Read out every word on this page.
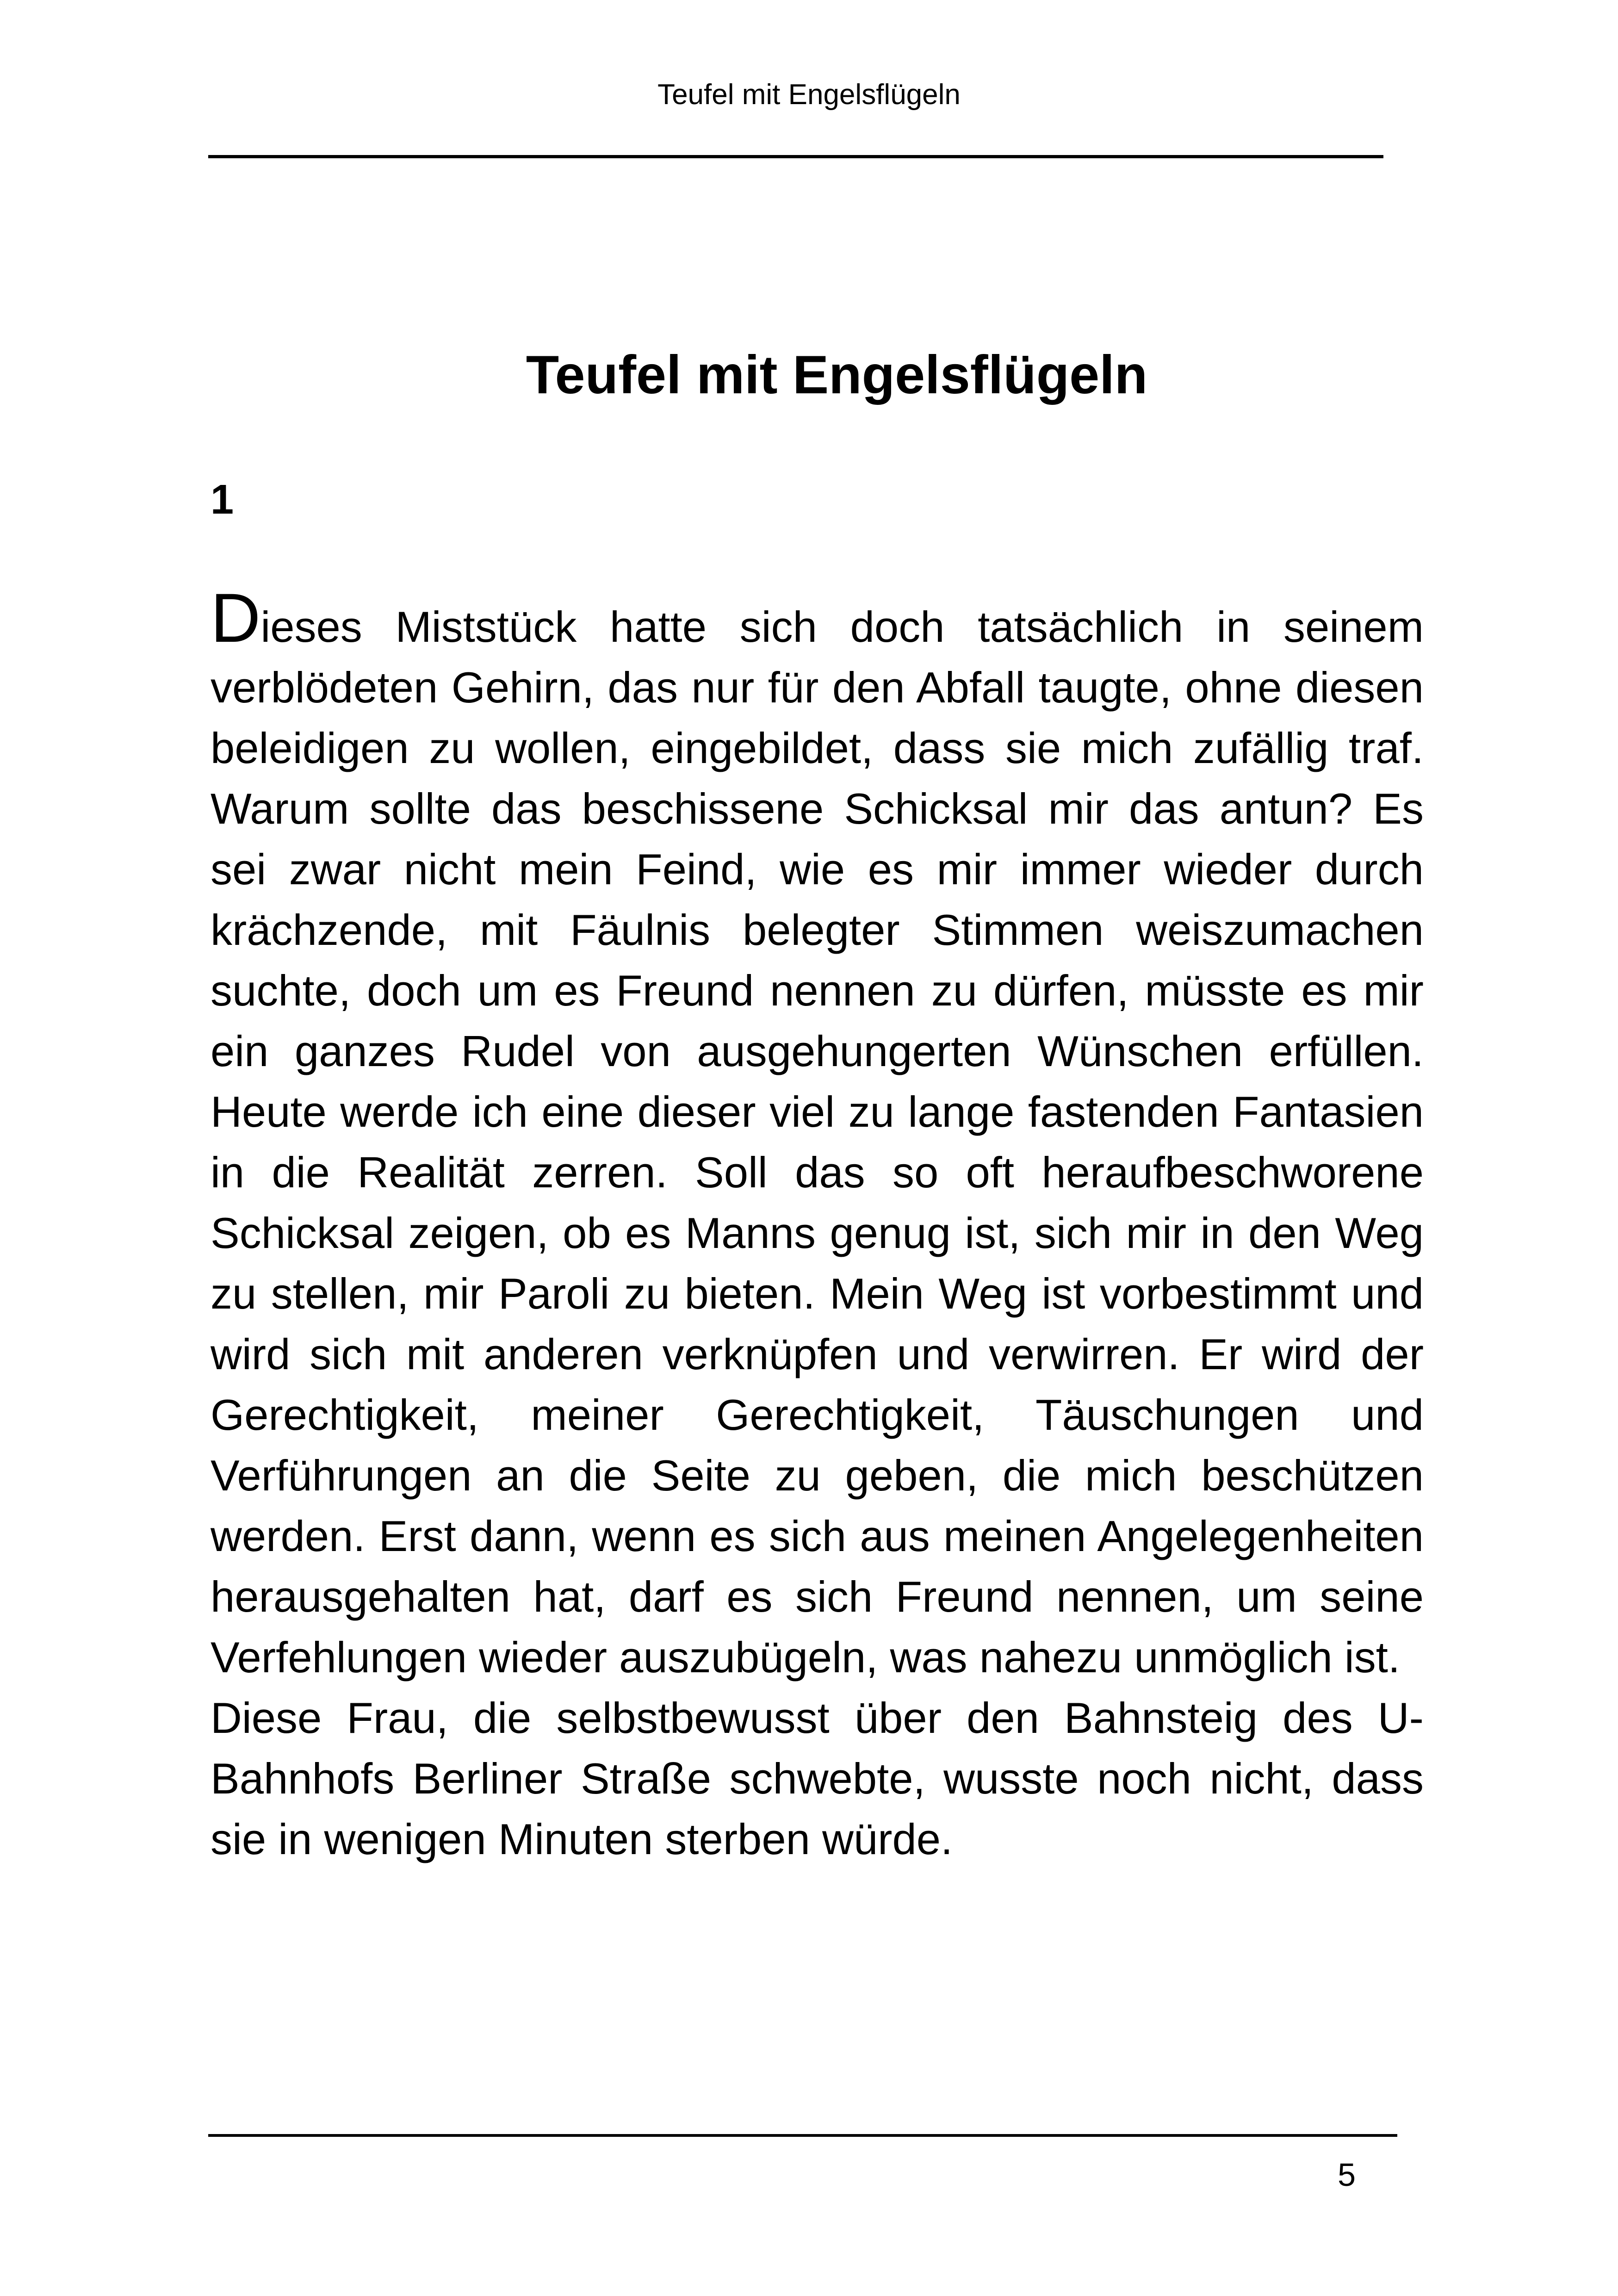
Teufel mit Engelsflügeln
Teufel mit Engelsflügeln
1

Dieses Miststück hatte sich doch tatsächlich in seinem verblödeten Gehirn, das nur für den Abfall taugte, ohne diesen beleidigen zu wollen, eingebildet, dass sie mich zufällig traf. Warum sollte das beschissene Schicksal mir das antun? Es sei zwar nicht mein Feind, wie es mir immer wieder durch krächzende, mit Fäulnis belegter Stimmen weiszumachen suchte, doch um es Freund nennen zu dürfen, müsste es mir ein ganzes Rudel von ausgehungerten Wünschen erfüllen. Heute werde ich eine dieser viel zu lange fastenden Fantasien in die Realität zerren. Soll das so oft heraufbeschworene Schicksal zeigen, ob es Manns genug ist, sich mir in den Weg zu stellen, mir Paroli zu bieten. Mein Weg ist vorbestimmt und wird sich mit anderen verknüpfen und verwirren. Er wird der Gerechtigkeit, meiner Gerechtigkeit, Täuschungen und Verführungen an die Seite zu geben, die mich beschützen werden. Erst dann, wenn es sich aus meinen Angelegenheiten herausgehalten hat, darf es sich Freund nennen, um seine Verfehlungen wieder auszubügeln, was nahezu unmöglich ist.

Diese Frau, die selbstbewusst über den Bahnsteig des U-Bahnhofs Berliner Straße schwebte, wusste noch nicht, dass sie in wenigen Minuten sterben würde.

5
